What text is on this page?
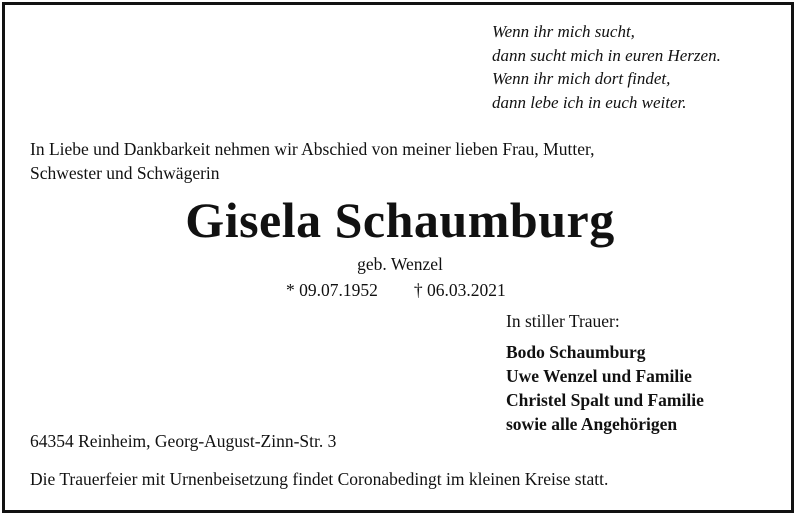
Wenn ihr mich sucht,
dann sucht mich in euren Herzen.
Wenn ihr mich dort findet,
dann lebe ich in euch weiter.
In Liebe und Dankbarkeit nehmen wir Abschied von meiner lieben Frau, Mutter,
Schwester und Schwägerin
Gisela Schaumburg
geb. Wenzel
* 09.07.1952 † 06.03.2021
In stiller Trauer:
Bodo Schaumburg
Uwe Wenzel und Familie
Christel Spalt und Familie
sowie alle Angehörigen
64354 Reinheim, Georg-August-Zinn-Str. 3
Die Trauerfeier mit Urnenbeisetzung findet Coronabedingt im kleinen Kreise statt.
